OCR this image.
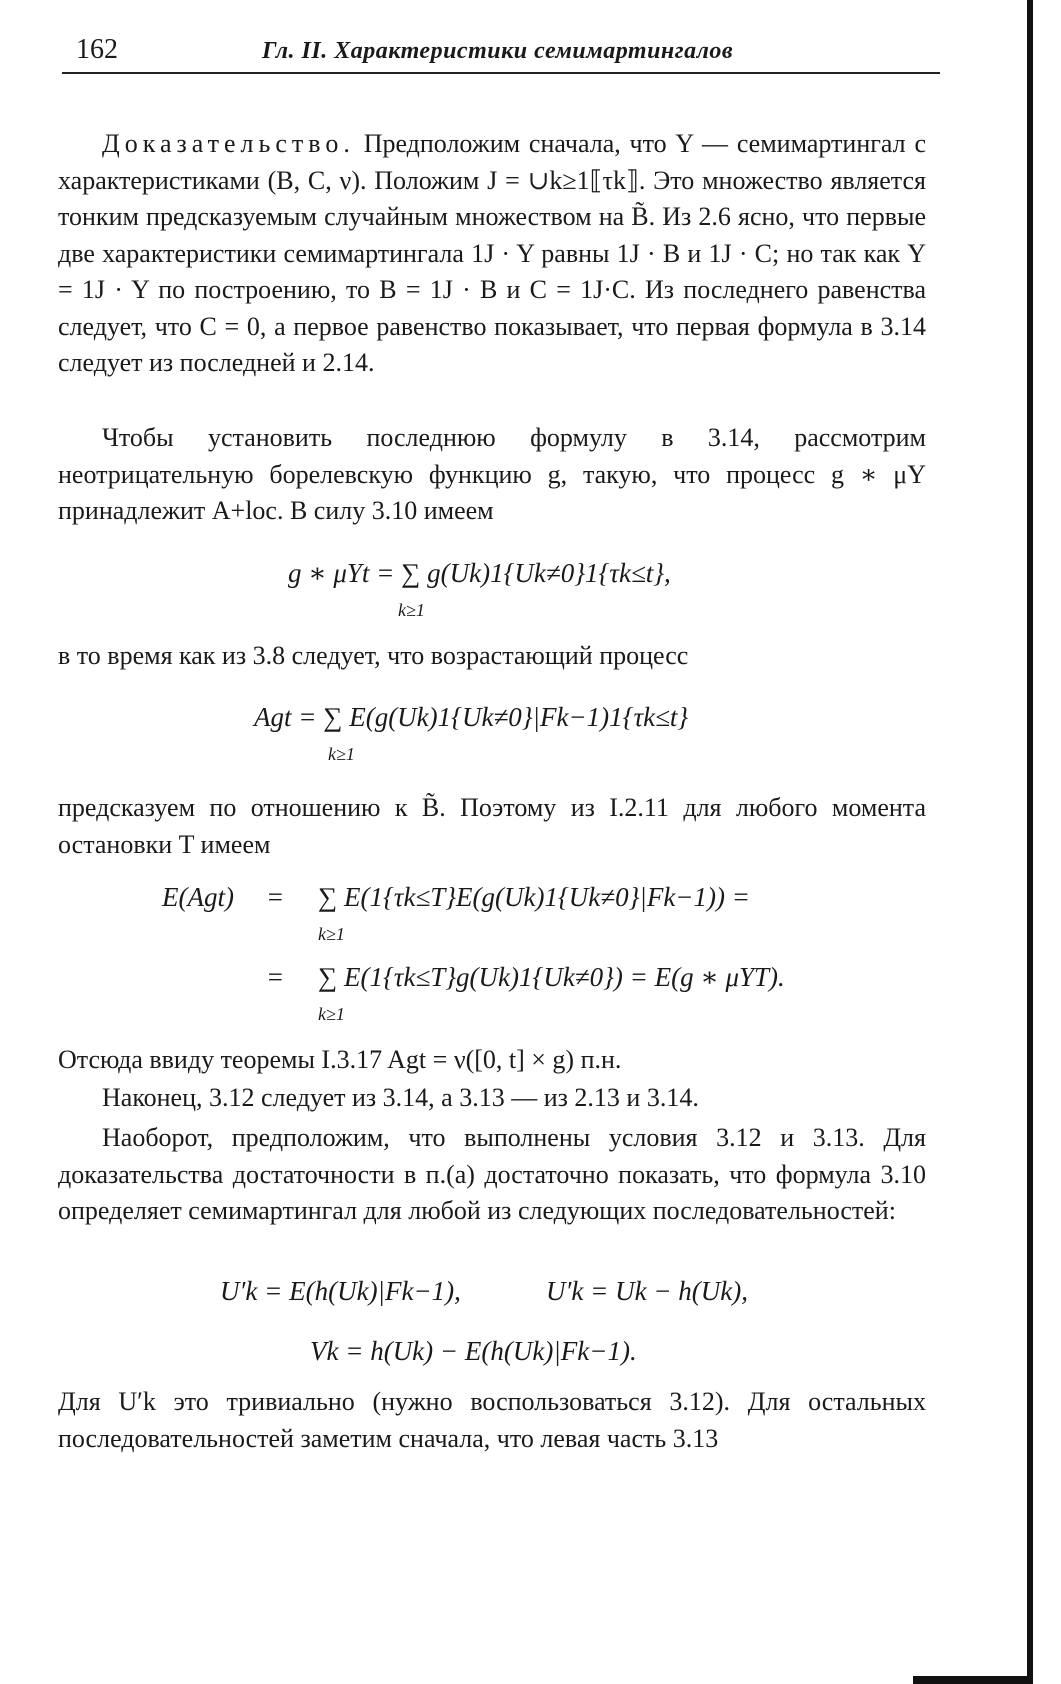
162	Гл. II. Характеристики семимартингалов
Доказательство. Предположим сначала, что Y — семимартингал с характеристиками (B, C, ν). Положим J = ∪k≥1⟦τk⟧. Это множество является тонким предсказуемым случайным множеством на B̃. Из 2.6 ясно, что первые две характеристики семимартингала 1J · Y равны 1J · B и 1J · C; но так как Y = 1J · Y по построению, то B = 1J · B и C = 1J·C. Из последнего равенства следует, что C = 0, а первое равенство показывает, что первая формула в 3.14 следует из последней и 2.14.
Чтобы установить последнюю формулу в 3.14, рассмотрим неотрицательную борелевскую функцию g, такую, что процесс g ∗ μY принадлежит A+loc. В силу 3.10 имеем
g ∗ μYt = ∑ g(Uk)1{Uk≠0}1{τk≤t},
k≥1
в то время как из 3.8 следует, что возрастающий процесс
Agt = ∑ E(g(Uk)1{Uk≠0}|Fk−1)1{τk≤t}
k≥1
предсказуем по отношению к B̃. Поэтому из I.2.11 для любого момента остановки T имеем
E(Agt) = ∑ E(1{τk≤T}E(g(Uk)1{Uk≠0}|Fk−1)) =
k≥1
= ∑ E(1{τk≤T}g(Uk)1{Uk≠0}) = E(g ∗ μYT).
k≥1
Отсюда ввиду теоремы I.3.17 Agt = ν([0, t] × g) п.н.
Наконец, 3.12 следует из 3.14, а 3.13 — из 2.13 и 3.14.
Наоборот, предположим, что выполнены условия 3.12 и 3.13. Для доказательства достаточности в п.(а) достаточно показать, что формула 3.10 определяет семимартингал для любой из следующих последовательностей:
U′k = E(h(Uk)|Fk−1),	U′k = Uk − h(Uk),
Vk = h(Uk) − E(h(Uk)|Fk−1).
Для U′k это тривиально (нужно воспользоваться 3.12). Для остальных последовательностей заметим сначала, что левая часть 3.13
